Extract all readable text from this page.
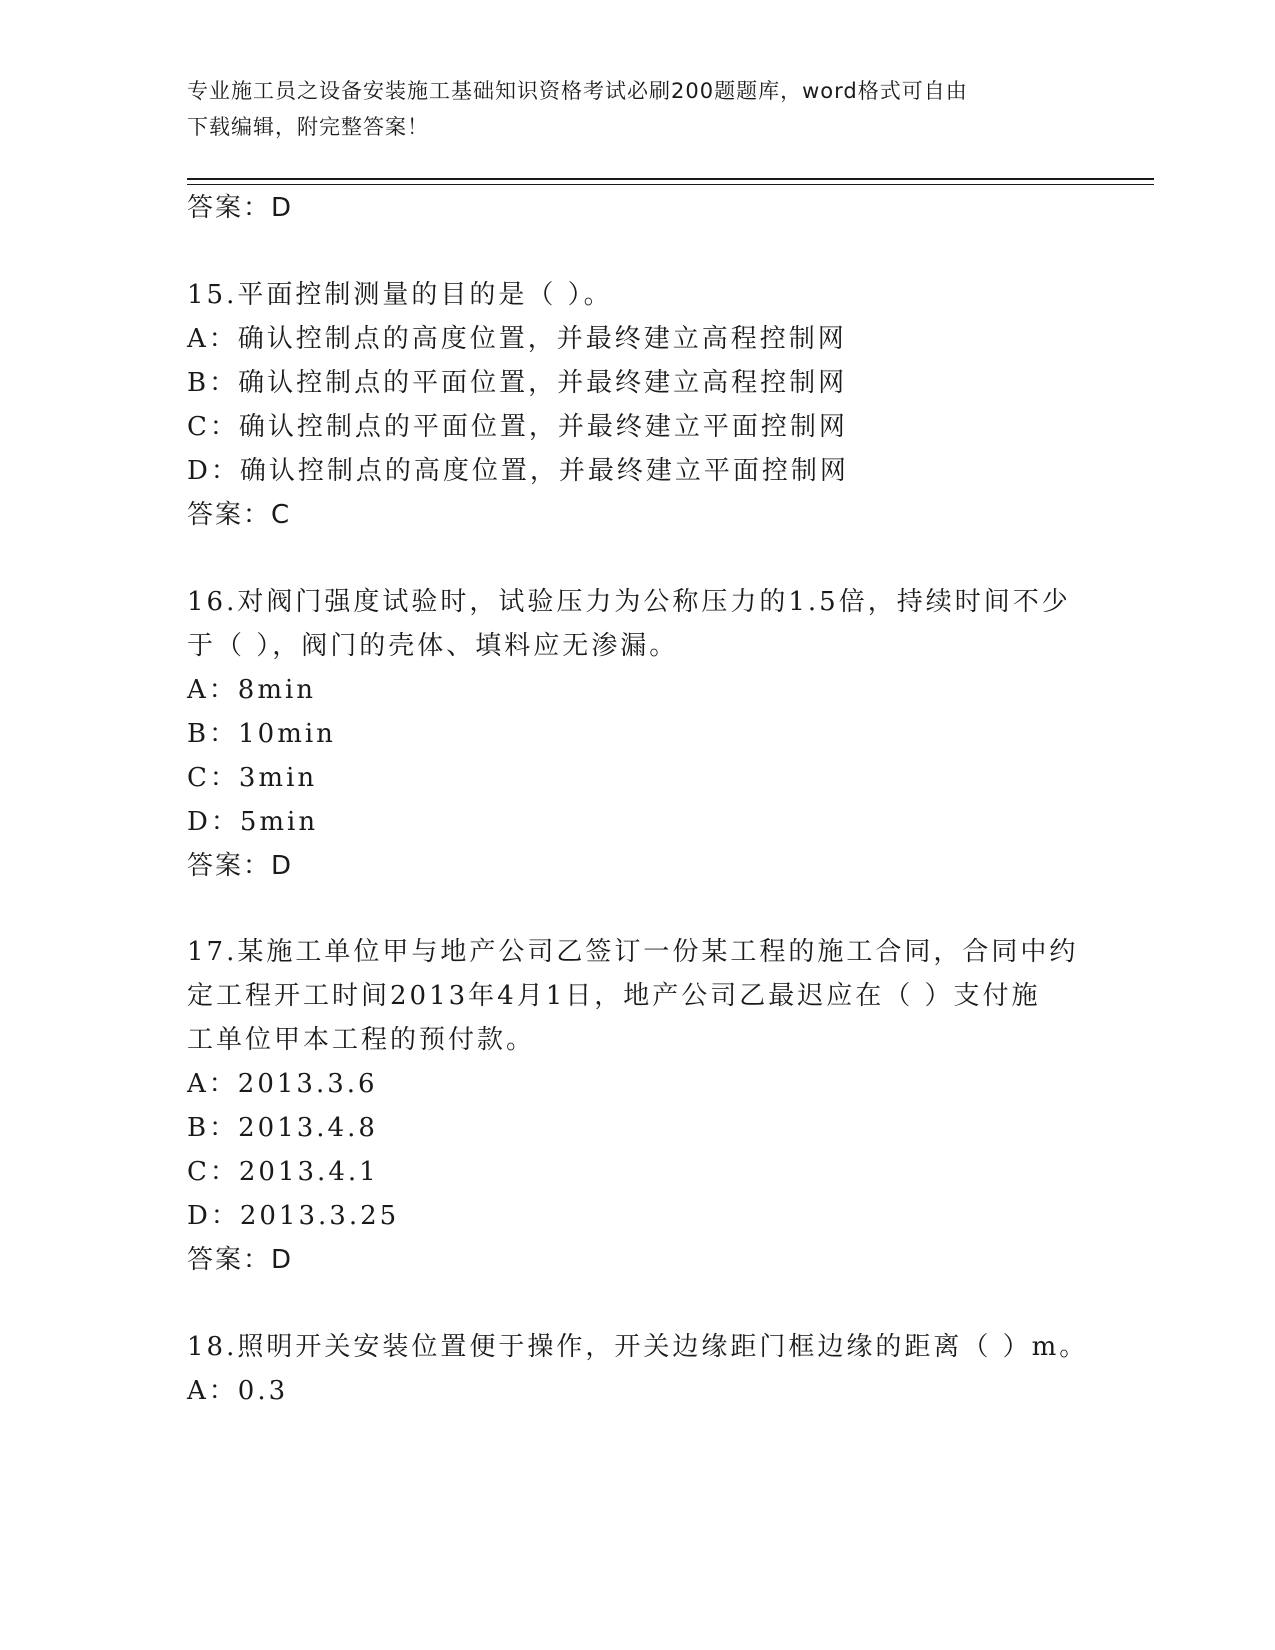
专业施工员之设备安装施工基础知识资格考试必刷200题题库，word格式可自由
下载编辑，附完整答案！
答案：D
15.平面控制测量的目的是（ ）。
A：确认控制点的高度位置，并最终建立高程控制网
B：确认控制点的平面位置，并最终建立高程控制网
C：确认控制点的平面位置，并最终建立平面控制网
D：确认控制点的高度位置，并最终建立平面控制网
答案：C
16.对阀门强度试验时，试验压力为公称压力的1.5倍，持续时间不少
于（ ），阀门的壳体、填料应无渗漏。
A：8min
B：10min
C：3min
D：5min
答案：D
17.某施工单位甲与地产公司乙签订一份某工程的施工合同，合同中约
定工程开工时间2013年4月1日，地产公司乙最迟应在（ ）支付施
工单位甲本工程的预付款。
A：2013.3.6
B：2013.4.8
C：2013.4.1
D：2013.3.25
答案：D
18.照明开关安装位置便于操作，开关边缘距门框边缘的距离（ ）m。
A：0.3
